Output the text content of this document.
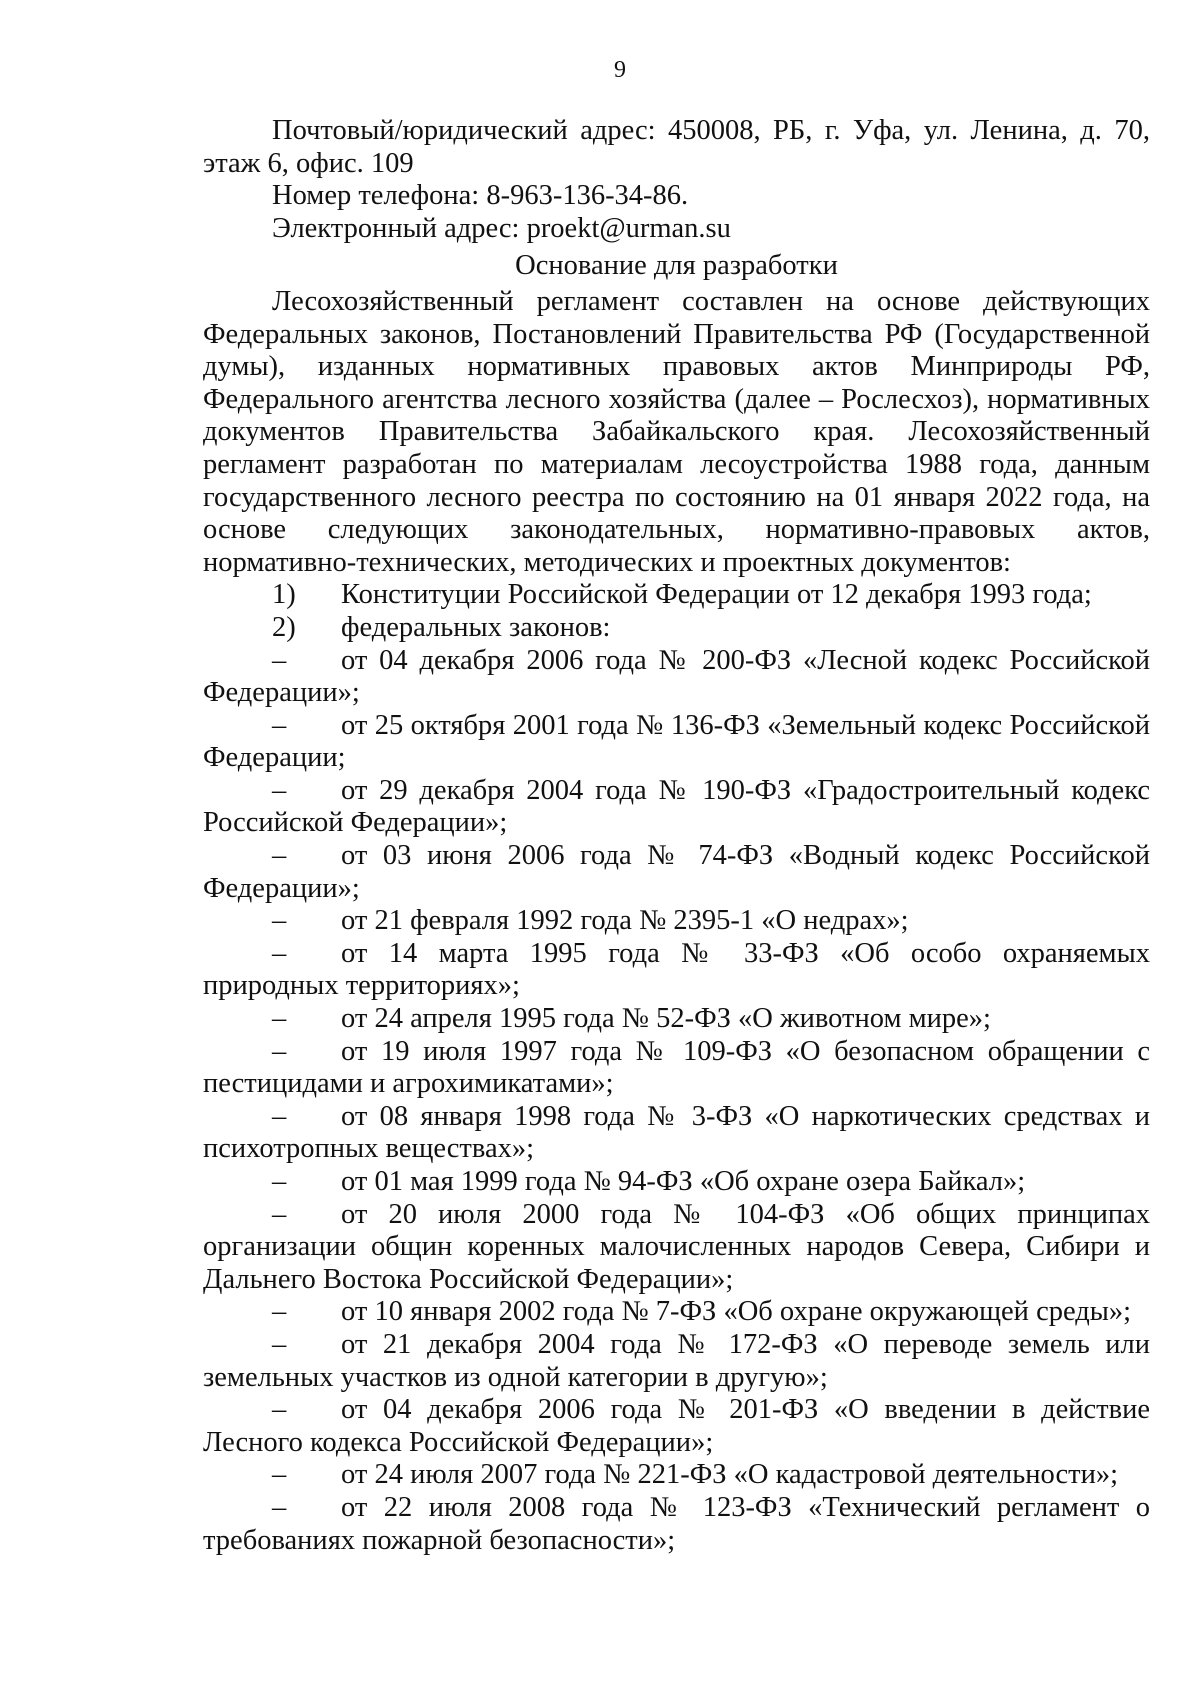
9

Почтовый/юридический адрес: 450008, РБ, г. Уфа, ул. Ленина, д. 70, этаж 6, офис. 109

Номер телефона: 8-963-136-34-86.

Электронный адрес: proekt@urman.su

Основание для разработки

Лесохозяйственный регламент составлен на основе действующих Федеральных законов, Постановлений Правительства РФ (Государственной думы), изданных нормативных правовых актов Минприроды РФ, Федерального агентства лесного хозяйства (далее – Рослесхоз), нормативных документов Правительства Забайкальского края. Лесохозяйственный регламент разработан по материалам лесоустройства 1988 года, данным государственного лесного реестра по состоянию на 01 января 2022 года, на основе следующих законодательных, нормативно-правовых актов, нормативно-технических, методических и проектных документов:

1) Конституции Российской Федерации от 12 декабря 1993 года;

2) федеральных законов:

– от 04 декабря 2006 года № 200-ФЗ «Лесной кодекс Российской Федерации»;

– от 25 октября 2001 года № 136-ФЗ «Земельный кодекс Российской Федерации;

– от 29 декабря 2004 года № 190-ФЗ «Градостроительный кодекс Российской Федерации»;

– от 03 июня 2006 года № 74-ФЗ «Водный кодекс Российской Федерации»;

– от 21 февраля 1992 года № 2395-1 «О недрах»;

– от 14 марта 1995 года № 33-ФЗ «Об особо охраняемых природных территориях»;

– от 24 апреля 1995 года № 52-ФЗ «О животном мире»;

– от 19 июля 1997 года № 109-ФЗ «О безопасном обращении с пестицидами и агрохимикатами»;

– от 08 января 1998 года № 3-ФЗ «О наркотических средствах и психотропных веществах»;

– от 01 мая 1999 года № 94-ФЗ «Об охране озера Байкал»;

– от 20 июля 2000 года № 104-ФЗ «Об общих принципах организации общин коренных малочисленных народов Севера, Сибири и Дальнего Востока Российской Федерации»;

– от 10 января 2002 года № 7-ФЗ «Об охране окружающей среды»;

– от 21 декабря 2004 года № 172-ФЗ «О переводе земель или земельных участков из одной категории в другую»;

– от 04 декабря 2006 года № 201-ФЗ «О введении в действие Лесного кодекса Российской Федерации»;

– от 24 июля 2007 года № 221-ФЗ «О кадастровой деятельности»;

– от 22 июля 2008 года № 123-ФЗ «Технический регламент о требованиях пожарной безопасности»;
